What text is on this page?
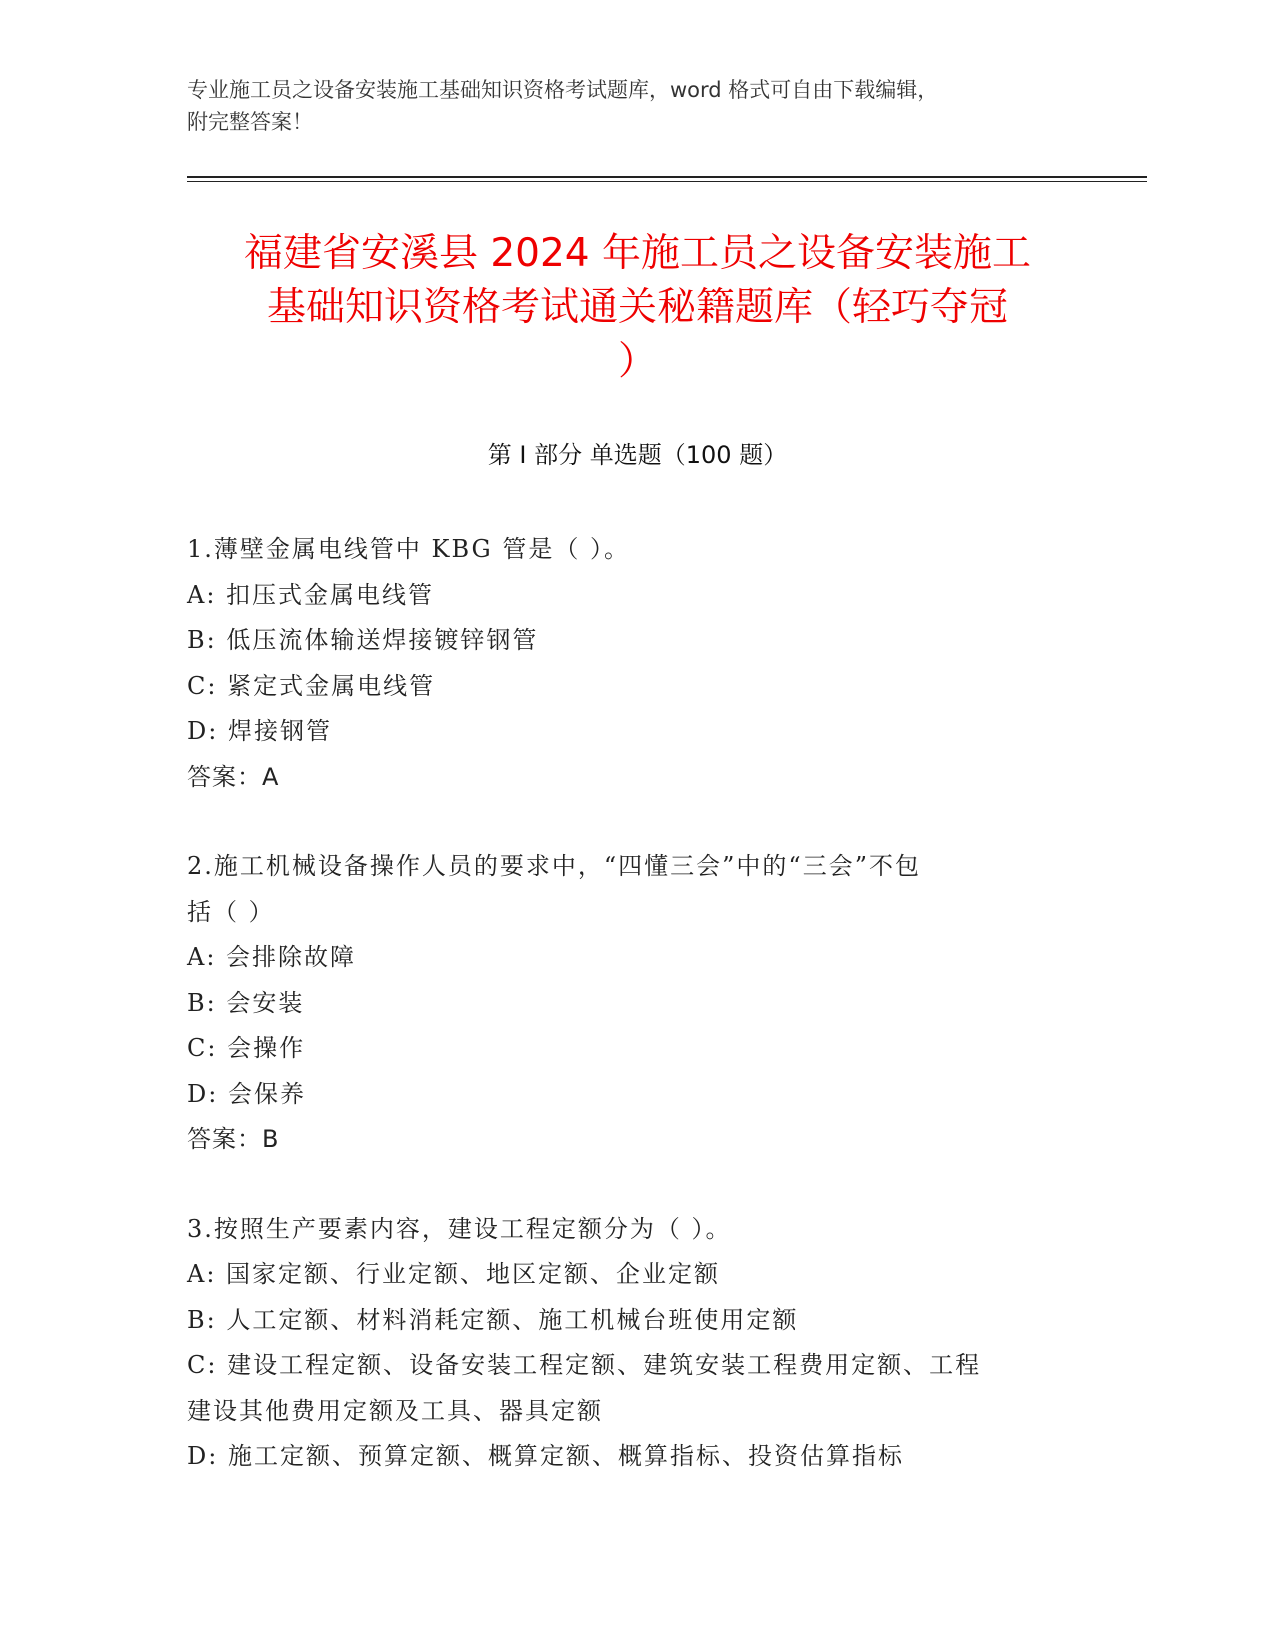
专业施工员之设备安装施工基础知识资格考试题库，word 格式可自由下载编辑，
附完整答案！
福建省安溪县 2024 年施工员之设备安装施工
基础知识资格考试通关秘籍题库（轻巧夺冠
）
第 I 部分 单选题（100 题）
1.薄壁金属电线管中 KBG 管是（ ）。
A: 扣压式金属电线管
B: 低压流体输送焊接镀锌钢管
C: 紧定式金属电线管
D: 焊接钢管
答案：A
2.施工机械设备操作人员的要求中，“四懂三会”中的“三会”不包
括（ ）
A: 会排除故障
B: 会安装
C: 会操作
D: 会保养
答案：B
3.按照生产要素内容，建设工程定额分为（ ）。
A: 国家定额、行业定额、地区定额、企业定额
B: 人工定额、材料消耗定额、施工机械台班使用定额
C: 建设工程定额、设备安装工程定额、建筑安装工程费用定额、工程
建设其他费用定额及工具、器具定额
D: 施工定额、预算定额、概算定额、概算指标、投资估算指标
